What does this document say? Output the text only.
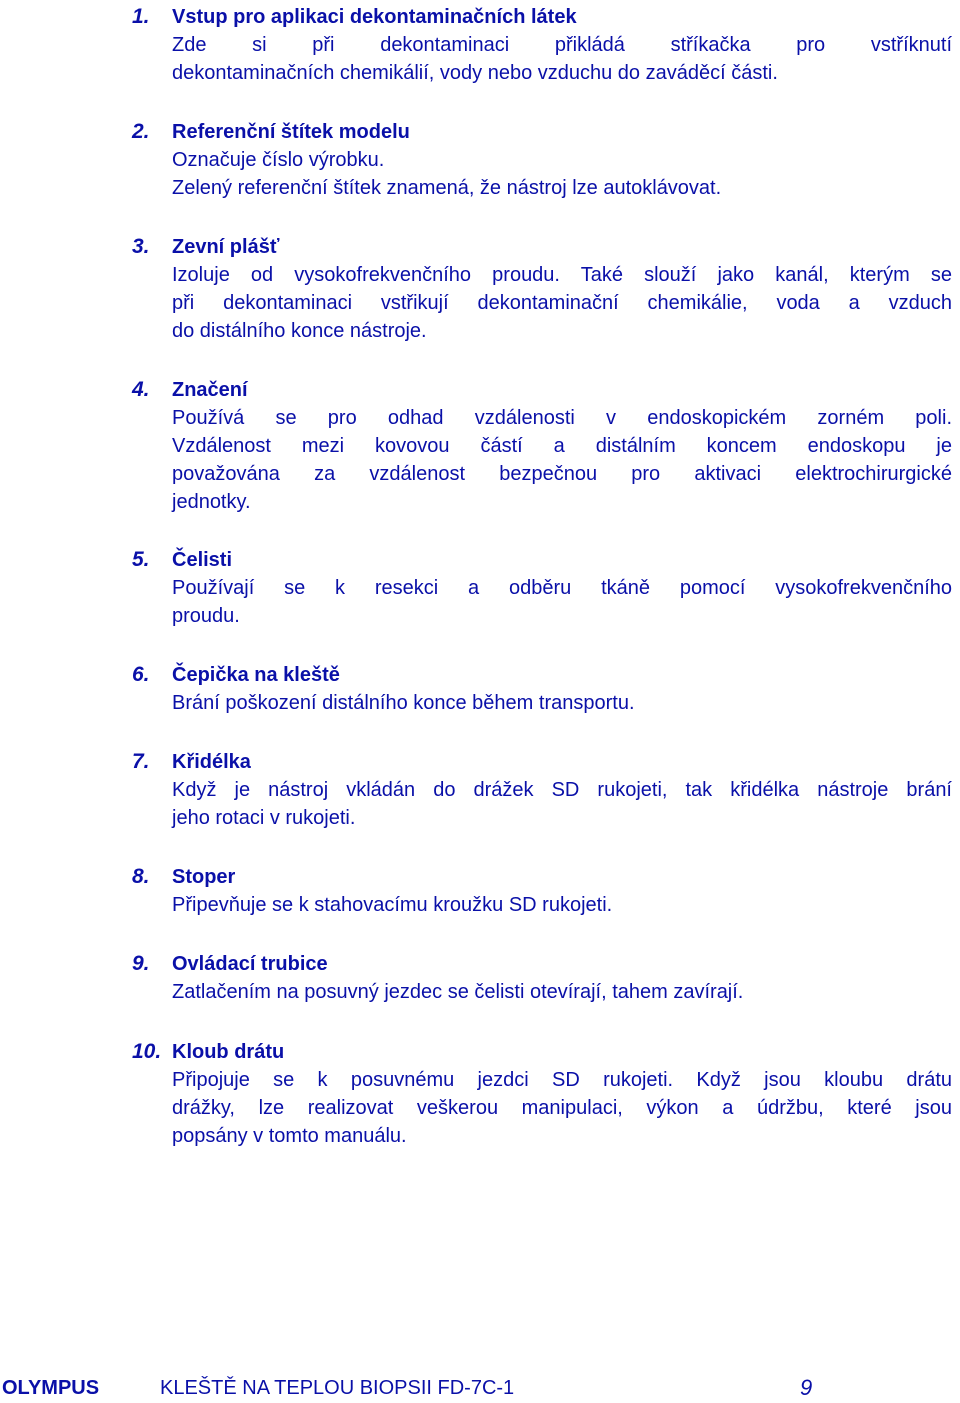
1.	Vstup pro aplikaci dekontaminačních látek
Zde si při dekontaminaci přikládá stříkačka pro vstříknutí
dekontaminačních chemikálií, vody nebo vzduchu do zaváděcí části.
2.	Referenční štítek modelu
Označuje číslo výrobku.
Zelený referenční štítek znamená, že nástroj lze autoklávovat.
3.	Zevní plášť
Izoluje od vysokofrekvenčního proudu. Také slouží jako kanál, kterým se
při dekontaminaci vstřikují dekontaminační chemikálie, voda a vzduch
do distálního konce nástroje.
4.	Značení
Používá se pro odhad vzdálenosti v endoskopickém zorném poli.
Vzdálenost mezi kovovou částí a distálním koncem endoskopu je
považována za vzdálenost bezpečnou pro aktivaci elektrochirurgické
jednotky.
5.	Čelisti
Používají se k resekci a odběru tkáně pomocí vysokofrekvenčního
proudu.
6.	Čepička na kleště
Brání poškození distálního konce během transportu.
7.	Křidélka
Když je nástroj vkládán do drážek SD rukojeti, tak křidélka nástroje brání
jeho rotaci v rukojeti.
8.	Stoper
Připevňuje se k stahovacímu kroužku SD rukojeti.
9.	Ovládací trubice
Zatlačením na posuvný jezdec se čelisti otevírají, tahem zavírají.
10. Kloub drátu
Připojuje se k posuvnému jezdci SD rukojeti. Když jsou kloubu drátu
drážky, lze realizovat veškerou manipulaci, výkon a údržbu, které jsou
popsány v tomto manuálu.
OLYMPUS	KLEŠTĚ NA TEPLOU BIOPSII FD-7C-1	9
